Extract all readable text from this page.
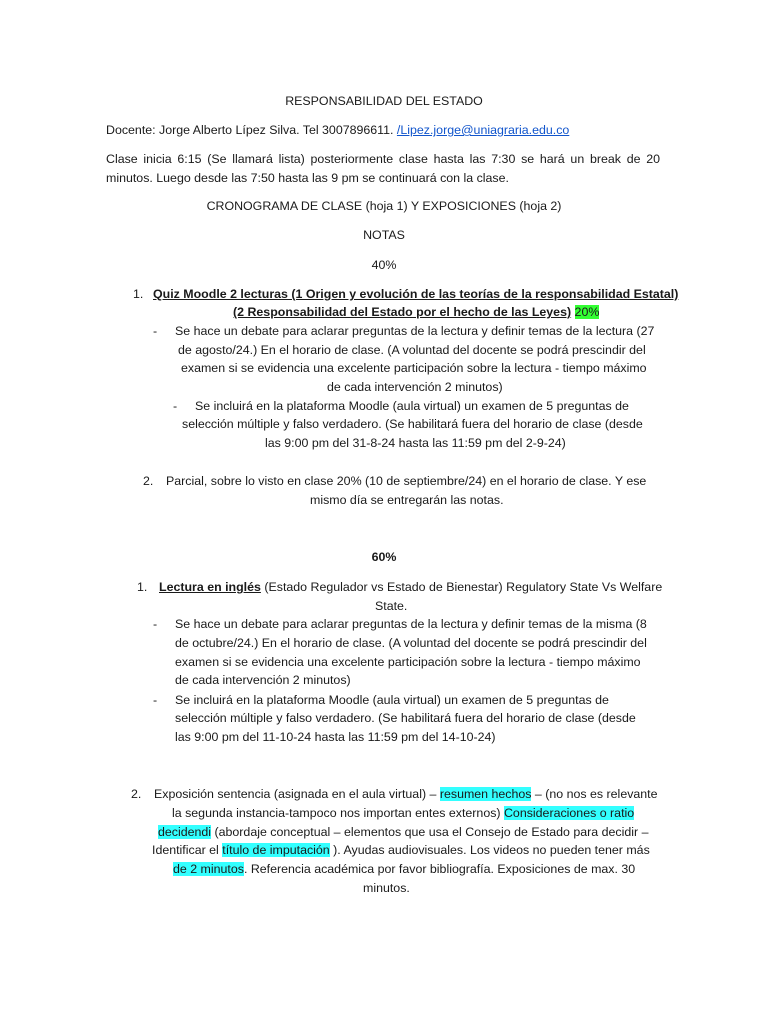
RESPONSABILIDAD DEL ESTADO
Docente: Jorge Alberto Lípez Silva. Tel 3007896611. /Lipez.jorge@uniagraria.edu.co
Clase inicia 6:15 (Se llamará lista) posteriormente clase hasta las 7:30 se hará un break de 20
minutos. Luego desde las 7:50 hasta las 9 pm se continuará con la clase.
CRONOGRAMA DE CLASE (hoja 1) Y EXPOSICIONES (hoja 2)
NOTAS
40%
1. Quiz Moodle 2 lecturas (1 Origen y evolución de las teorías de la responsabilidad Estatal)
(2 Responsabilidad del Estado por el hecho de las Leyes) 20%
- Se hace un debate para aclarar preguntas de la lectura y definir temas de la lectura (27
de agosto/24.) En el horario de clase. (A voluntad del docente se podrá prescindir del
examen si se evidencia una excelente participación sobre la lectura - tiempo máximo
de cada intervención 2 minutos)
- Se incluirá en la plataforma Moodle (aula virtual) un examen de 5 preguntas de
selección múltiple y falso verdadero. (Se habilitará fuera del horario de clase (desde
las 9:00 pm del 31-8-24 hasta las 11:59 pm del 2-9-24)
2. Parcial, sobre lo visto en clase 20% (10 de septiembre/24) en el horario de clase. Y ese
mismo día se entregarán las notas.
60%
1. Lectura en inglés (Estado Regulador vs Estado de Bienestar) Regulatory State Vs Welfare
State.
- Se hace un debate para aclarar preguntas de la lectura y definir temas de la misma (8
de octubre/24.) En el horario de clase. (A voluntad del docente se podrá prescindir del
examen si se evidencia una excelente participación sobre la lectura - tiempo máximo
de cada intervención 2 minutos)
- Se incluirá en la plataforma Moodle (aula virtual) un examen de 5 preguntas de
selección múltiple y falso verdadero. (Se habilitará fuera del horario de clase (desde
las 9:00 pm del 11-10-24 hasta las 11:59 pm del 14-10-24)
2. Exposición sentencia (asignada en el aula virtual) – resumen hechos – (no nos es relevante
la segunda instancia-tampoco nos importan entes externos) Consideraciones o ratio
decidendi (abordaje conceptual – elementos que usa el Consejo de Estado para decidir –
Identificar el título de imputación ). Ayudas audiovisuales. Los videos no pueden tener más
de 2 minutos. Referencia académica por favor bibliografía. Exposiciones de max. 30
minutos.
